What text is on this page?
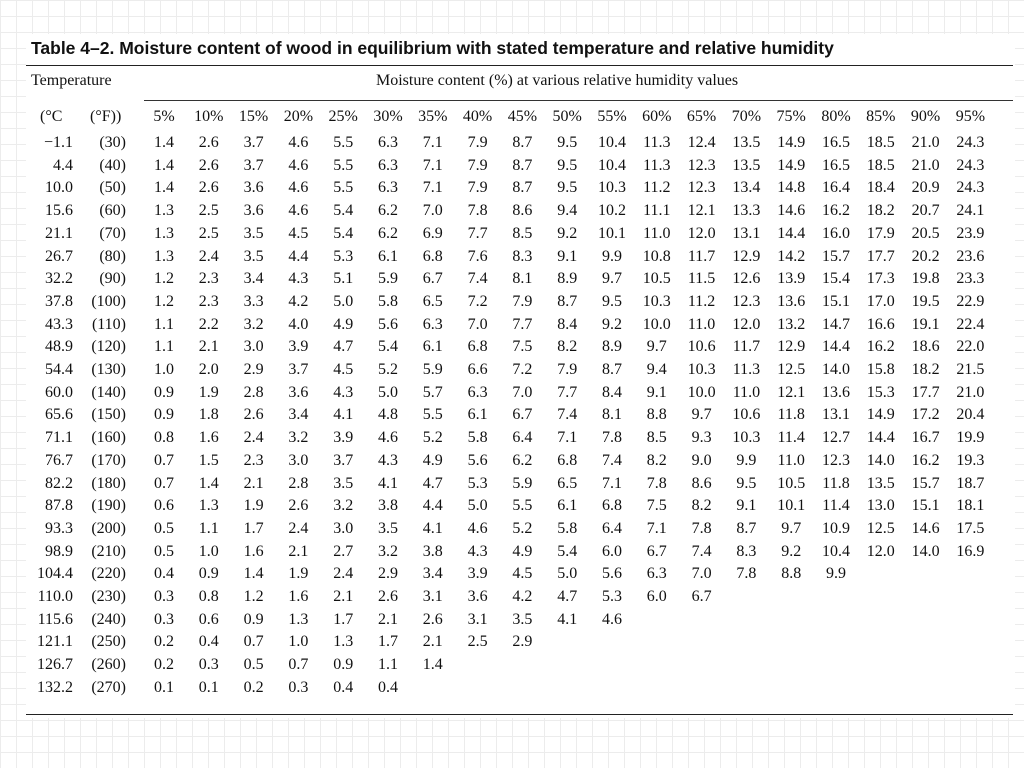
Table 4–2. Moisture content of wood in equilibrium with stated temperature and relative humidity
Temperature	Moisture content (%) at various relative humidity values
(°C (°F))	5%	10% 15% 20% 25% 30% 35% 40% 45% 50% 55% 60% 65% 70% 75% 80% 85% 90% 95%
−1.1	(30)	1.4	2.6	3.7	4.6	5.5	6.3	7.1	7.9	8.7	9.5	10.4	11.3	12.4	13.5	14.9	16.5	18.5	21.0	24.3
4.4	(40)	1.4	2.6	3.7	4.6	5.5	6.3	7.1	7.9	8.7	9.5	10.4	11.3	12.3	13.5	14.9	16.5	18.5	21.0	24.3
10.0	(50)	1.4	2.6	3.6	4.6	5.5	6.3	7.1	7.9	8.7	9.5	10.3	11.2	12.3	13.4	14.8	16.4	18.4	20.9	24.3
15.6	(60)	1.3	2.5	3.6	4.6	5.4	6.2	7.0	7.8	8.6	9.4	10.2	11.1	12.1	13.3	14.6	16.2	18.2	20.7	24.1
21.1	(70)	1.3	2.5	3.5	4.5	5.4	6.2	6.9	7.7	8.5	9.2	10.1	11.0	12.0	13.1	14.4	16.0	17.9	20.5	23.9
26.7	(80)	1.3	2.4	3.5	4.4	5.3	6.1	6.8	7.6	8.3	9.1	9.9	10.8	11.7	12.9	14.2	15.7	17.7	20.2	23.6
32.2	(90)	1.2	2.3	3.4	4.3	5.1	5.9	6.7	7.4	8.1	8.9	9.7	10.5	11.5	12.6	13.9	15.4	17.3	19.8	23.3
37.8	(100)	1.2	2.3	3.3	4.2	5.0	5.8	6.5	7.2	7.9	8.7	9.5	10.3	11.2	12.3	13.6	15.1	17.0	19.5	22.9
43.3	(110)	1.1	2.2	3.2	4.0	4.9	5.6	6.3	7.0	7.7	8.4	9.2	10.0	11.0	12.0	13.2	14.7	16.6	19.1	22.4
48.9	(120)	1.1	2.1	3.0	3.9	4.7	5.4	6.1	6.8	7.5	8.2	8.9	9.7	10.6	11.7	12.9	14.4	16.2	18.6	22.0
54.4	(130)	1.0	2.0	2.9	3.7	4.5	5.2	5.9	6.6	7.2	7.9	8.7	9.4	10.3	11.3	12.5	14.0	15.8	18.2	21.5
60.0	(140)	0.9	1.9	2.8	3.6	4.3	5.0	5.7	6.3	7.0	7.7	8.4	9.1	10.0	11.0	12.1	13.6	15.3	17.7	21.0
65.6	(150)	0.9	1.8	2.6	3.4	4.1	4.8	5.5	6.1	6.7	7.4	8.1	8.8	9.7	10.6	11.8	13.1	14.9	17.2	20.4
71.1	(160)	0.8	1.6	2.4	3.2	3.9	4.6	5.2	5.8	6.4	7.1	7.8	8.5	9.3	10.3	11.4	12.7	14.4	16.7	19.9
76.7	(170)	0.7	1.5	2.3	3.0	3.7	4.3	4.9	5.6	6.2	6.8	7.4	8.2	9.0	9.9	11.0	12.3	14.0	16.2	19.3
82.2	(180)	0.7	1.4	2.1	2.8	3.5	4.1	4.7	5.3	5.9	6.5	7.1	7.8	8.6	9.5	10.5	11.8	13.5	15.7	18.7
87.8	(190)	0.6	1.3	1.9	2.6	3.2	3.8	4.4	5.0	5.5	6.1	6.8	7.5	8.2	9.1	10.1	11.4	13.0	15.1	18.1
93.3	(200)	0.5	1.1	1.7	2.4	3.0	3.5	4.1	4.6	5.2	5.8	6.4	7.1	7.8	8.7	9.7	10.9	12.5	14.6	17.5
98.9	(210)	0.5	1.0	1.6	2.1	2.7	3.2	3.8	4.3	4.9	5.4	6.0	6.7	7.4	8.3	9.2	10.4	12.0	14.0	16.9
104.4	(220)	0.4	0.9	1.4	1.9	2.4	2.9	3.4	3.9	4.5	5.0	5.6	6.3	7.0	7.8	8.8	9.9
110.0	(230)	0.3	0.8	1.2	1.6	2.1	2.6	3.1	3.6	4.2	4.7	5.3	6.0	6.7
115.6	(240)	0.3	0.6	0.9	1.3	1.7	2.1	2.6	3.1	3.5	4.1	4.6
121.1	(250)	0.2	0.4	0.7	1.0	1.3	1.7	2.1	2.5	2.9
126.7	(260)	0.2	0.3	0.5	0.7	0.9	1.1	1.4
132.2	(270)	0.1	0.1	0.2	0.3	0.4	0.4
